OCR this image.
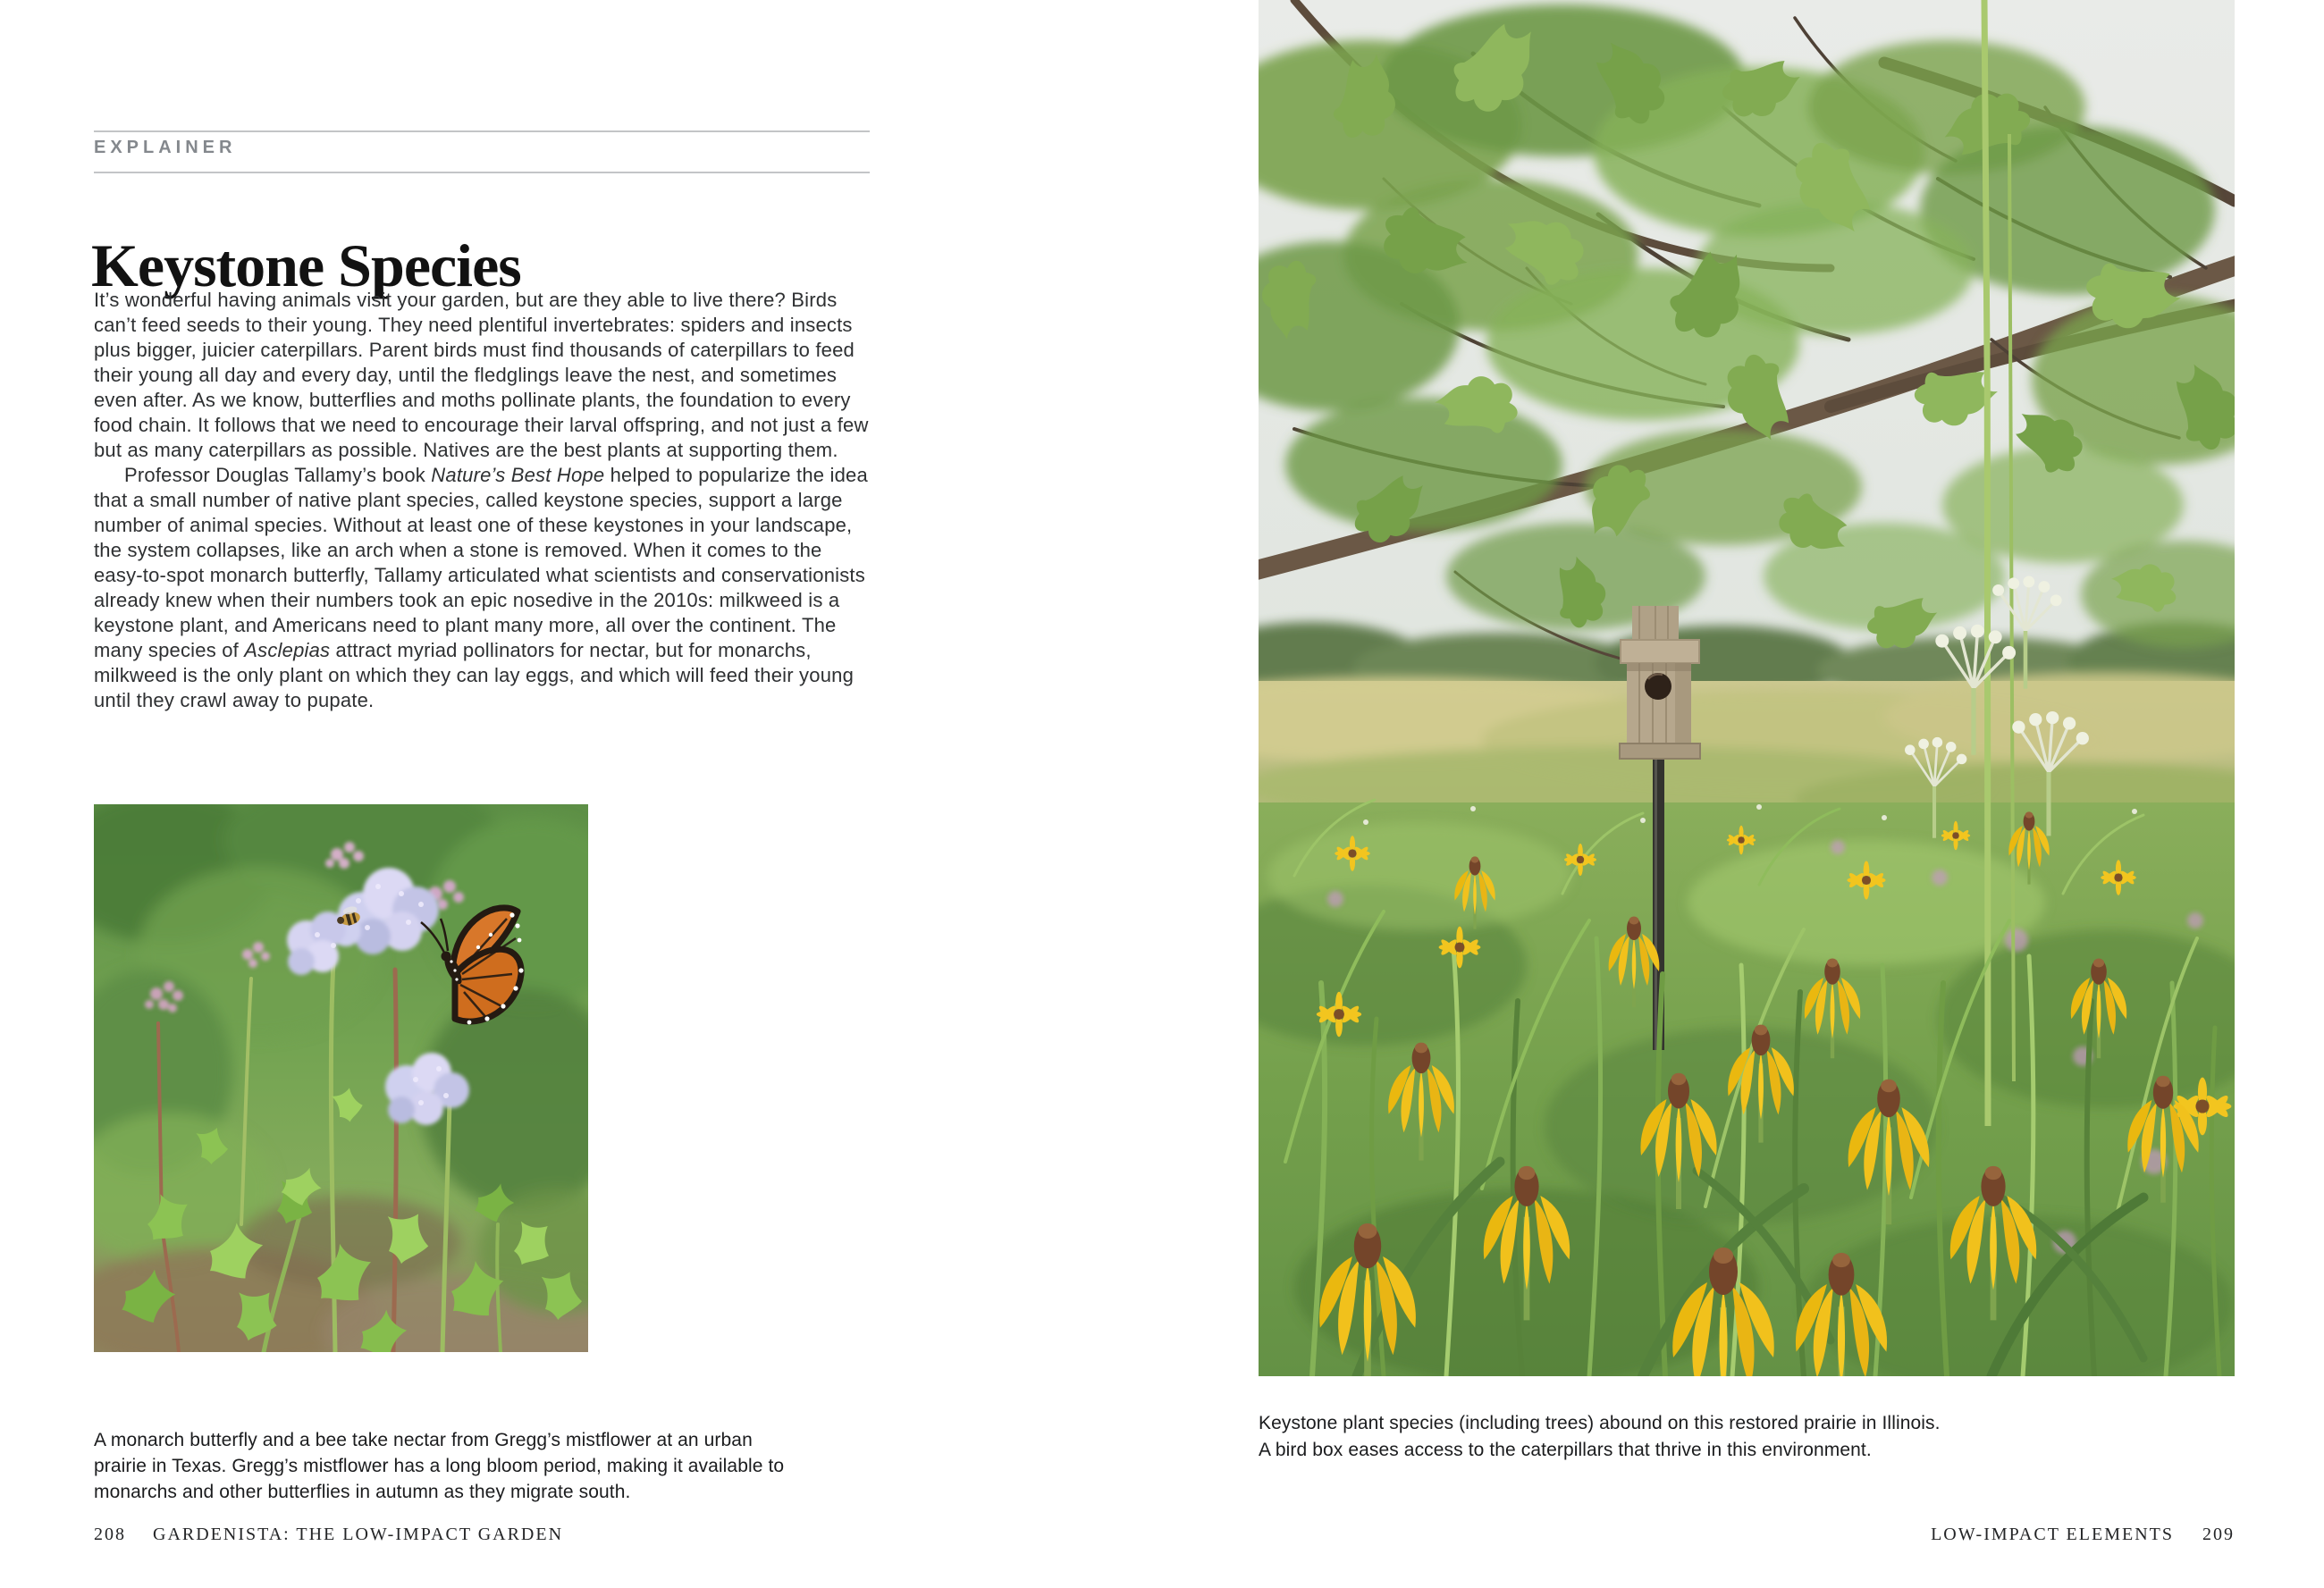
EXPLAINER
Keystone Species

It’s wonderful having animals visit your garden, but are they able to live there? Birds can’t feed seeds to their young. They need plentiful invertebrates: spiders and insects plus bigger, juicier caterpillars. Parent birds must find thousands of caterpillars to feed their young all day and every day, until the fledglings leave the nest, and sometimes even after. As we know, butterflies and moths pollinate plants, the foundation to every food chain. It follows that we need to encourage their larval offspring, and not just a few but as many caterpillars as possible. Natives are the best plants at supporting them.

Professor Douglas Tallamy’s book Nature’s Best Hope helped to popularize the idea that a small number of native plant species, called keystone species, support a large number of animal species. Without at least one of these keystones in your landscape, the system collapses, like an arch when a stone is removed. When it comes to the easy-to-spot monarch butterfly, Tallamy articulated what scientists and conservationists already knew when their numbers took an epic nosedive in the 2010s: milkweed is a keystone plant, and Americans need to plant many more, all over the continent. The many species of Asclepias attract myriad pollinators for nectar, but for monarchs, milkweed is the only plant on which they can lay eggs, and which will feed their young until they crawl away to pupate.

A monarch butterfly and a bee take nectar from Gregg’s mistflower at an urban prairie in Texas. Gregg’s mistflower has a long bloom period, making it available to monarchs and other butterflies in autumn as they migrate south.

208 GARDENISTA: THE LOW-IMPACT GARDEN
Keystone plant species (including trees) abound on this restored prairie in Illinois.
A bird box eases access to the caterpillars that thrive in this environment.
LOW-IMPACT ELEMENTS 209
